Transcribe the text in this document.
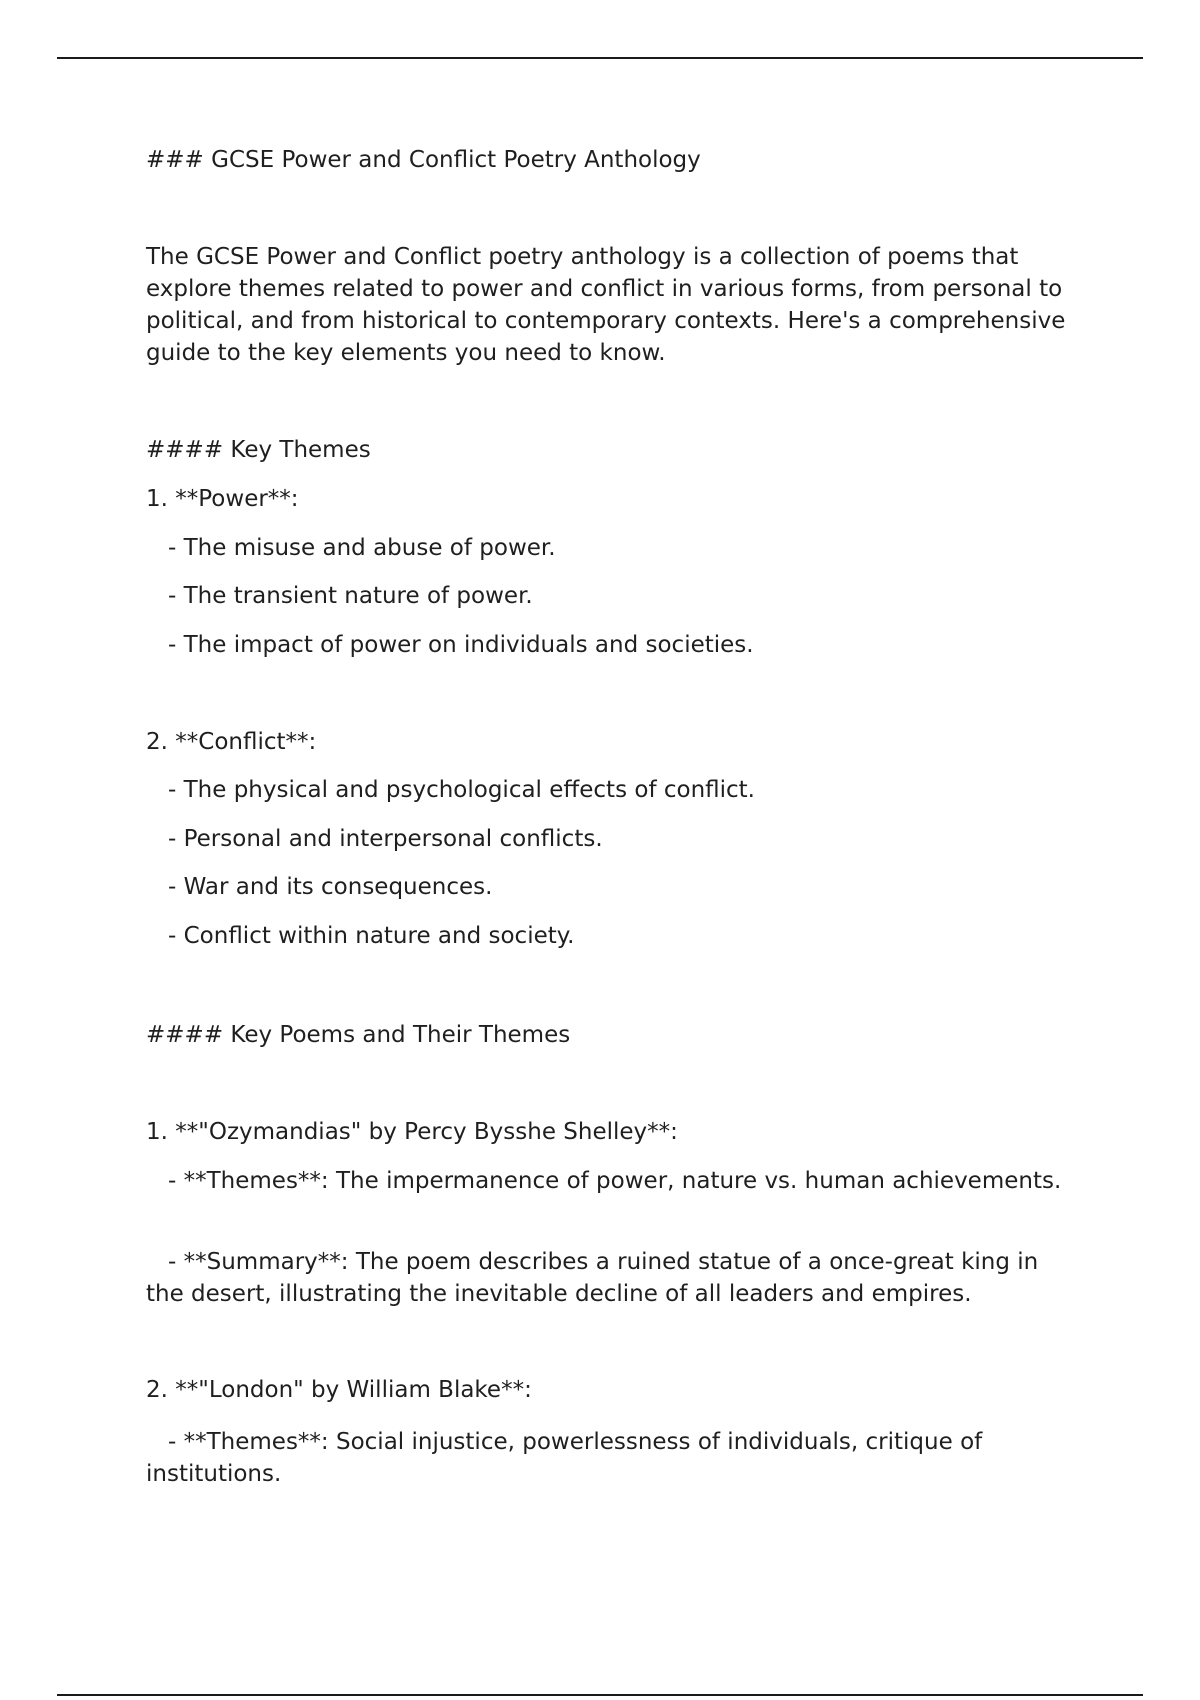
### GCSE Power and Conflict Poetry Anthology

The GCSE Power and Conflict poetry anthology is a collection of poems that explore themes related to power and conflict in various forms, from personal to political, and from historical to contemporary contexts. Here's a comprehensive guide to the key elements you need to know.

#### Key Themes

1. **Power**:

- The misuse and abuse of power.

- The transient nature of power.

- The impact of power on individuals and societies.

2. **Conflict**:

- The physical and psychological effects of conflict.

- Personal and interpersonal conflicts.

- War and its consequences.

- Conflict within nature and society.

#### Key Poems and Their Themes

1. **"Ozymandias" by Percy Bysshe Shelley**:

- **Themes**: The impermanence of power, nature vs. human achievements.

- **Summary**: The poem describes a ruined statue of a once-great king in the desert, illustrating the inevitable decline of all leaders and empires.

2. **"London" by William Blake**:

- **Themes**: Social injustice, powerlessness of individuals, critique of institutions.
